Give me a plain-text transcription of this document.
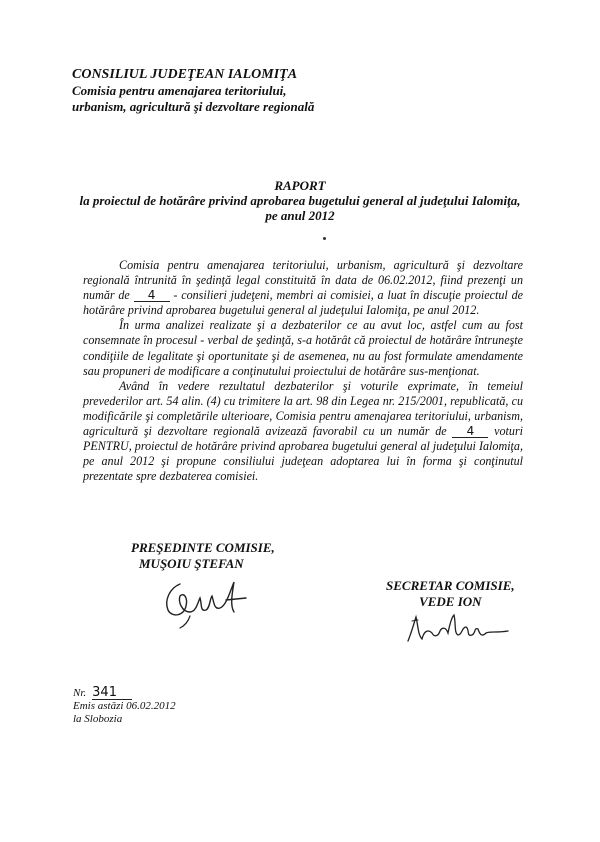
CONSILIUL JUDEŢEAN IALOMIŢA
Comisia pentru amenajarea teritoriului,
urbanism, agricultură şi dezvoltare regională
RAPORT
la proiectul de hotărâre privind aprobarea bugetului general al judeţului Ialomiţa,
pe anul 2012

Comisia pentru amenajarea teritoriului, urbanism, agricultură şi dezvoltare regională întrunită în şedinţă legal constituită în data de 06.02.2012, fiind prezenţi un număr de 4 - consilieri judeţeni, membri ai comisiei, a luat în discuţie proiectul de hotărâre privind aprobarea bugetului general al judeţului Ialomiţa, pe anul 2012.

În urma analizei realizate şi a dezbaterilor ce au avut loc, astfel cum au fost consemnate în procesul - verbal de şedinţă, s-a hotărât că proiectul de hotărâre întruneşte condiţiile de legalitate şi oportunitate şi de asemenea, nu au fost formulate amendamente sau propuneri de modificare a conţinutului proiectului de hotărâre sus-menţionat.

Având în vedere rezultatul dezbaterilor şi voturile exprimate, în temeiul prevederilor art. 54 alin. (4) cu trimitere la art. 98 din Legea nr. 215/2001, republicată, cu modificările şi completările ulterioare, Comisia pentru amenajarea teritoriului, urbanism, agricultură şi dezvoltare regională avizează favorabil cu un număr de 4 voturi PENTRU, proiectul de hotărâre privind aprobarea bugetului general al judeţului Ialomiţa, pe anul 2012 şi propune consiliului judeţean adoptarea lui în forma şi conţinutul prezentate spre dezbaterea comisiei.

PREŞEDINTE COMISIE,
MUŞOIU ŞTEFAN
SECRETAR COMISIE,
VEDE ION
Nr. 341
Emis astăzi 06.02.2012
la Slobozia
